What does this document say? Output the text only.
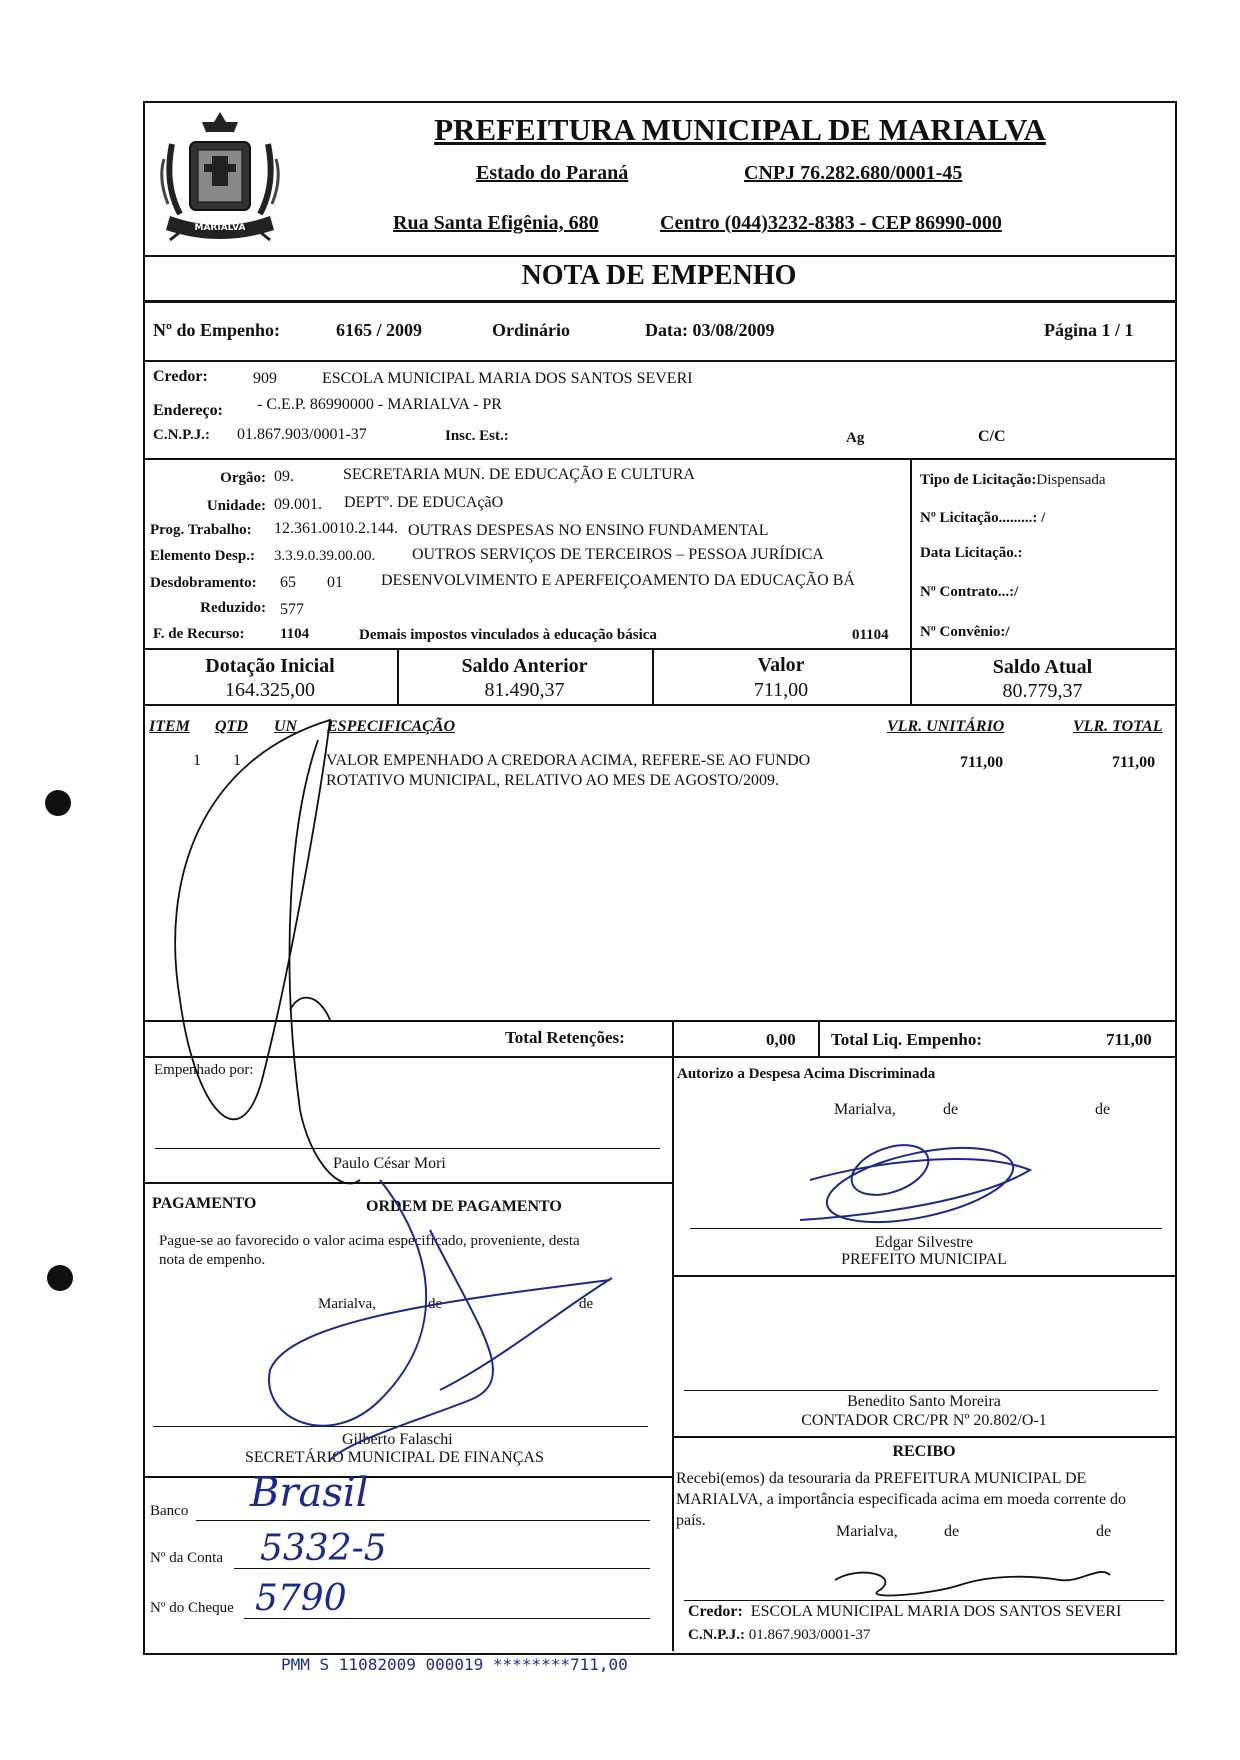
MARIALVA
PREFEITURA MUNICIPAL DE MARIALVA
Estado do Paraná	CNPJ 76.282.680/0001-45
Rua Santa Efigênia, 680	Centro (044)3232-8383 - CEP 86990-000
NOTA DE EMPENHO
Nº do Empenho:	6165 / 2009	Ordinário	Data: 03/08/2009	Página 1 / 1
Credor:	909	ESCOLA MUNICIPAL MARIA DOS SANTOS SEVERI
Endereço: - C.E.P. 86990000 - MARIALVA - PR
C.N.P.J.: 01.867.903/0001-37	Insc. Est.:	Ag	C/C
Orgão: 09.	SECRETARIA MUN. DE EDUCAÇÃO E CULTURA
Unidade: 09.001. DEPTº. DE EDUCAçãO
Prog. Trabalho: 12.361.0010.2.144. OUTRAS DESPESAS NO ENSINO FUNDAMENTAL
Elemento Desp.: 3.3.9.0.39.00.00. OUTROS SERVIÇOS DE TERCEIROS – PESSOA JURÍDICA
Desdobramento: 65 01 DESENVOLVIMENTO E APERFEIÇOAMENTO DA EDUCAÇÃO BÁ
Reduzido: 577
F. de Recurso: 1104	Demais impostos vinculados à educação básica	01104
Tipo de Licitação:Dispensada
Nº Licitação.........: /
Data Licitação.:
Nº Contrato...:/
Nº Convênio:/
Dotação Inicial
164.325,00
Saldo Anterior
81.490,37
Valor
711,00
Saldo Atual
80.779,37
ITEM QTD UN ESPECIFICAÇÃO	VLR. UNITÁRIO	VLR. TOTAL
1 1	VALOR EMPENHADO A CREDORA ACIMA, REFERE-SE AO FUNDO
ROTATIVO MUNICIPAL, RELATIVO AO MES DE AGOSTO/2009.
711,00	711,00
Total Retenções:	0,00 Total Liq. Empenho:	711,00
Empenhado por:
Paulo César Mori
PAGAMENTO	ORDEM DE PAGAMENTO
Pague-se ao favorecido o valor acima especificado, proveniente, desta
nota de empenho.
Marialva,	de	de
Gilberto Falaschi
SECRETÁRIO MUNICIPAL DE FINANÇAS
Banco Brasil
Nº da Conta 5332-5
Nº do Cheque 5790
Autorizo a Despesa Acima Discriminada
Marialva,	de	de
Edgar Silvestre
PREFEITO MUNICIPAL
Benedito Santo Moreira
CONTADOR CRC/PR Nº 20.802/O-1
RECIBO
Recebi(emos) da tesouraria da PREFEITURA MUNICIPAL DE
MARIALVA, a importância especificada acima em moeda corrente do
país.
Marialva,	de	de
Credor: ESCOLA MUNICIPAL MARIA DOS SANTOS SEVERI
C.N.P.J.: 01.867.903/0001-37
PMM S 11082009 000019 ********711,00
